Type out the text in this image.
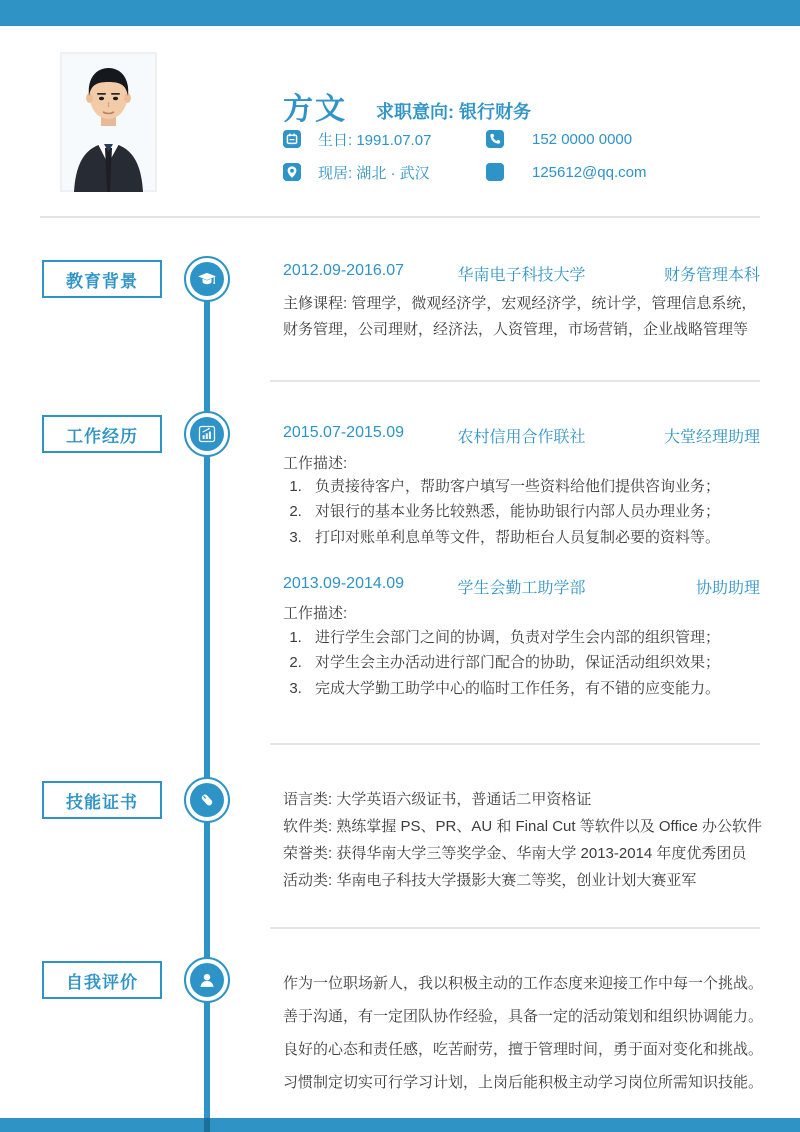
方文 求职意向: 银行财务
生日: 1991.07.07	152 0000 0000
现居: 湖北 · 武汉	125612@qq.com
教育背景
工作经历
技能证书
自我评价
2012.09-2016.07	华南电子科技大学	财务管理本科
主修课程: 管理学，微观经济学，宏观经济学，统计学，管理信息系统，财务管理，公司理财，经济法，人资管理，市场营销，企业战略管理等
2015.07-2015.09	农村信用合作联社	大堂经理助理
工作描述:
1. 负责接待客户，帮助客户填写一些资料给他们提供咨询业务；
2. 对银行的基本业务比较熟悉，能协助银行内部人员办理业务；
3. 打印对账单利息单等文件，帮助柜台人员复制必要的资料等。
2013.09-2014.09	学生会勤工助学部	协助助理
工作描述:
1. 进行学生会部门之间的协调，负责对学生会内部的组织管理；
2. 对学生会主办活动进行部门配合的协助，保证活动组织效果；
3. 完成大学勤工助学中心的临时工作任务，有不错的应变能力。
语言类: 大学英语六级证书，普通话二甲资格证
软件类: 熟练掌握 PS、PR、AU 和 Final Cut 等软件以及 Office 办公软件
荣誉类: 获得华南大学三等奖学金、华南大学 2013-2014 年度优秀团员
活动类: 华南电子科技大学摄影大赛二等奖，创业计划大赛亚军
作为一位职场新人，我以积极主动的工作态度来迎接工作中每一个挑战。
善于沟通，有一定团队协作经验，具备一定的活动策划和组织协调能力。
良好的心态和责任感，吃苦耐劳，擅于管理时间，勇于面对变化和挑战。
习惯制定切实可行学习计划，上岗后能积极主动学习岗位所需知识技能。
